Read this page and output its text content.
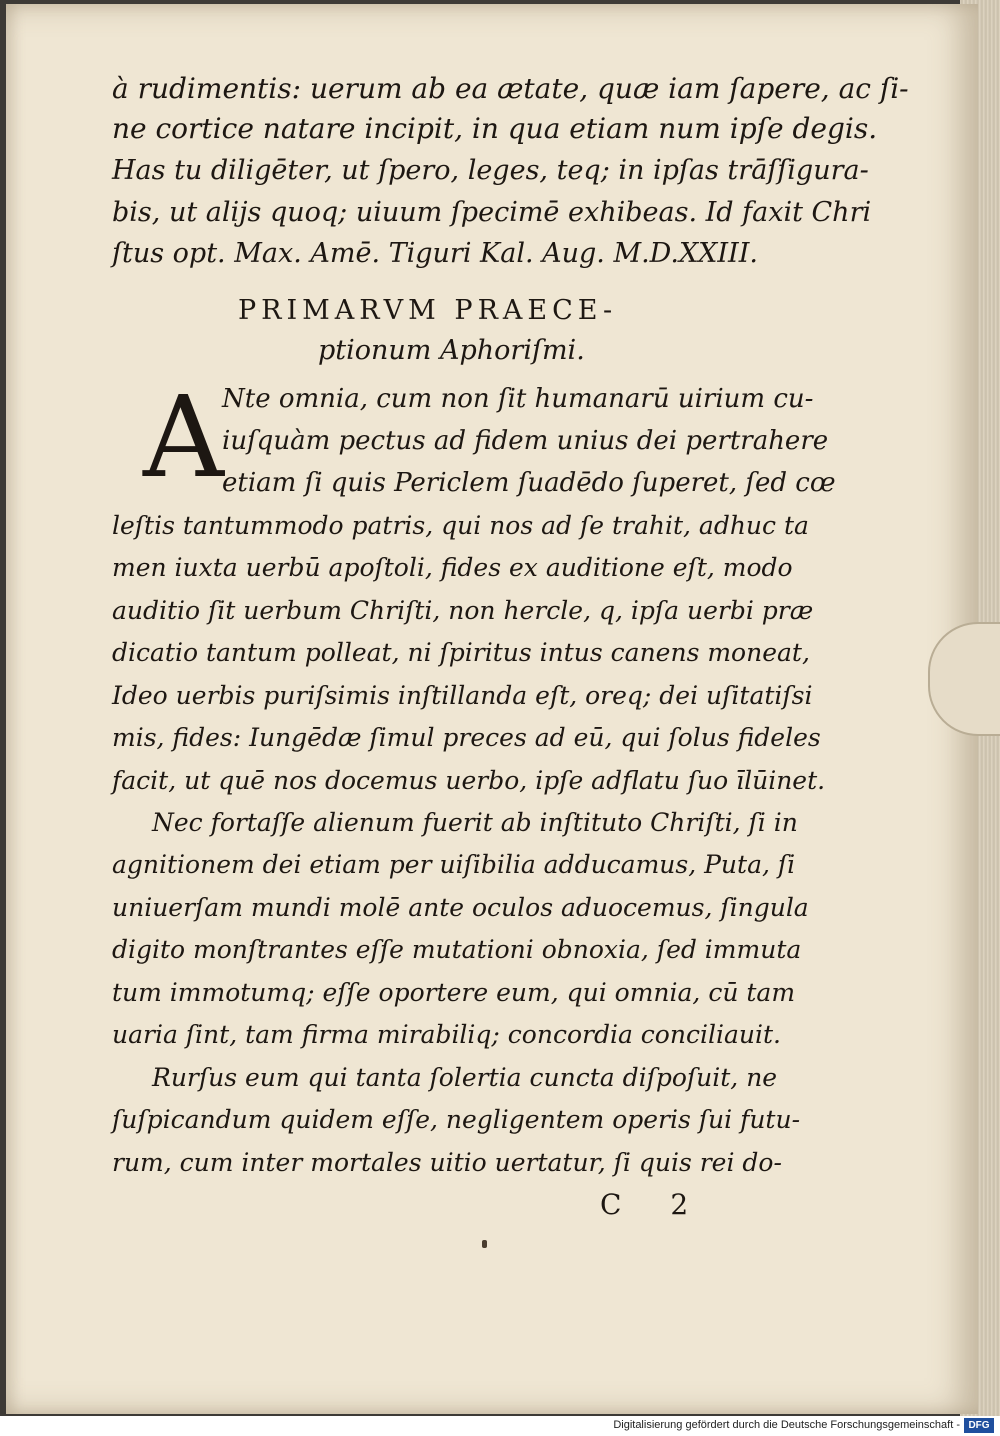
à rudimentis: uerum ab ea ætate, quæ iam ſapere, ac ſi-
ne cortice natare incipit, in qua etiam num ipſe degis.
Has tu diligēter, ut ſpero, leges, teq; in ipſas trāſſigura-
bis, ut alijs quoq; uiuum ſpecimē exhibeas. Id faxit Chri
ſtus opt. Max. Amē. Tiguri Kal. Aug. M.D.XXIII.
PRIMARVM PRAECE-
ptionum Aphoriſmi.
Nte omnia, cum non ſit humanarū uirium cu-
iuſquàm pectus ad fidem unius dei pertrahere
etiam ſi quis Periclem ſuadēdo ſuperet, ſed cœ
leſtis tantummodo patris, qui nos ad ſe trahit, adhuc ta
men iuxta uerbū apoſtoli, fides ex auditione eſt, modo
auditio ſit uerbum Chriſti, non hercle, q, ipſa uerbi præ
dicatio tantum polleat, ni ſpiritus intus canens moneat,
Ideo uerbis puriſsimis inſtillanda eſt, oreq; dei uſitatiſsi
mis, fides: Iungēdæ ſimul preces ad eū, qui ſolus fideles
facit, ut quē nos docemus uerbo, ipſe adflatu ſuo īlūinet.
Nec fortaſſe alienum fuerit ab inſtituto Chriſti, ſi in
agnitionem dei etiam per uiſibilia adducamus, Puta, ſi
uniuerſam mundi molē ante oculos aduocemus, ſingula
digito monſtrantes eſſe mutationi obnoxia, ſed immuta
tum immotumq; eſſe oportere eum, qui omnia, cū tam
uaria ſint, tam firma mirabiliq; concordia conciliauit.
Rurſus eum qui tanta ſolertia cuncta diſpoſuit, ne
ſuſpicandum quidem eſſe, negligentem operis ſui futu-
rum, cum inter mortales uitio uertatur, ſi quis rei do-
A
C 2
Digitalisierung gefördert durch die Deutsche Forschungsgemeinschaft - DFG
